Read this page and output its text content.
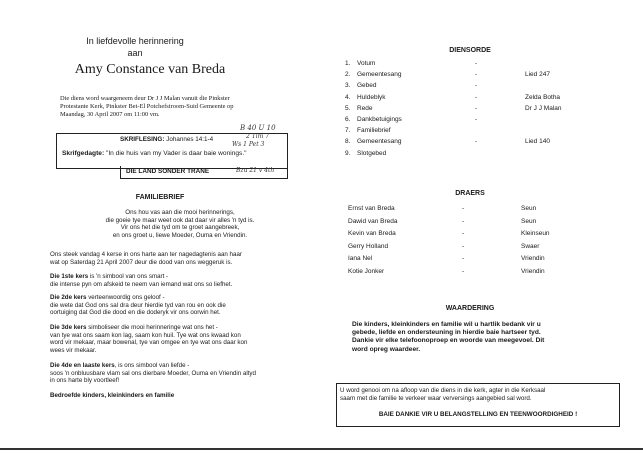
In liefdevolle herinnering
aan
Amy Constance van Breda
Die diens word waargeneem deur Dr J J Malan vanuit die Pinkster
Protestante Kerk, Pinkster Bet-El Potchefstroom-Suid Gemeente op
Maandag, 30 April 2007 om 11:00 vm.
B 40 U 10
SKRIFLESING: Johannes 14:1-4	2 Tim 7
Ws 1 Pet 3
Skrifgedagte: "In die huis van my Vader is daar baie wonings."
DIE LAND SONDER TRANE	Bzu 21 v 4th
FAMILIEBRIEF
Ons hou vas aan die mooi herinnerings,
die goeie tye maar weet ook dat daar vir alles 'n tyd is.
Vir ons het die tyd om te groet aangebreek,
en ons groet u, liewe Moeder, Ouma en Vriendin.
Ons steek vandag 4 kerse in ons harte aan ter nagedagtenis aan haar
wat op Saterdag 21 April 2007 deur die dood van ons weggeruk is.
Die 1ste kers is 'n simbool van ons smart -
die intense pyn om afskeid te neem van iemand wat ons so liefhet.
Die 2de kers verteenwoordig ons geloof -
die wete dat God ons sal dra deur hierdie tyd van rou en ook die
oortuiging dat God die dood en die doderyk vir ons oorwin het.
Die 3de kers simboliseer die mooi herinneringe wat ons het -
van tye wat ons saam kon lag, saam kon huil. Tye wat ons kwaad kon
word vir mekaar, maar bowenal, tye van omgee en tye wat ons daar kon
wees vir mekaar.
Die 4de en laaste kers, is ons simbool van liefde -
soos 'n onbluusbare vlam sal ons dierbare Moeder, Ouma en Vriendin altyd
in ons harte bly voortleef!
Bedroefde kinders, kleinkinders en familie
DIENSORDE
1. Votum	-
2. Gemeentesang	-	Lied 247
3. Gebed	-
4. Huldeblyk	-	Zelda Botha
5. Rede	-	Dr J J Malan
6. Dankbetuigings	-
7. Familiebrief
8. Gemeentesang	-	Lied 140
9. Slotgebed
DRAERS
Ernst van Breda	-	Seun
Dawid van Breda	-	Seun
Kevin van Breda	-	Kleinseun
Gerry Holland	-	Swaer
Iana Nel	-	Vriendin
Kotie Jonker	-	Vriendin
WAARDERING
Die kinders, kleinkinders en familie wil u hartlik bedank vir u
gebede, liefde en ondersteuning in hierdie baie hartseer tyd.
Dankie vir elke telefoonoproep en woorde van meegevoel. Dit
word opreg waardeer.
U word genooi om na afloop van die diens in die kerk, agter in die Kerksaal
saam met die familie te verkeer waar verversings aangebied sal word.
BAIE DANKIE VIR U BELANGSTELLING EN TEENWOORDIGHEID !
